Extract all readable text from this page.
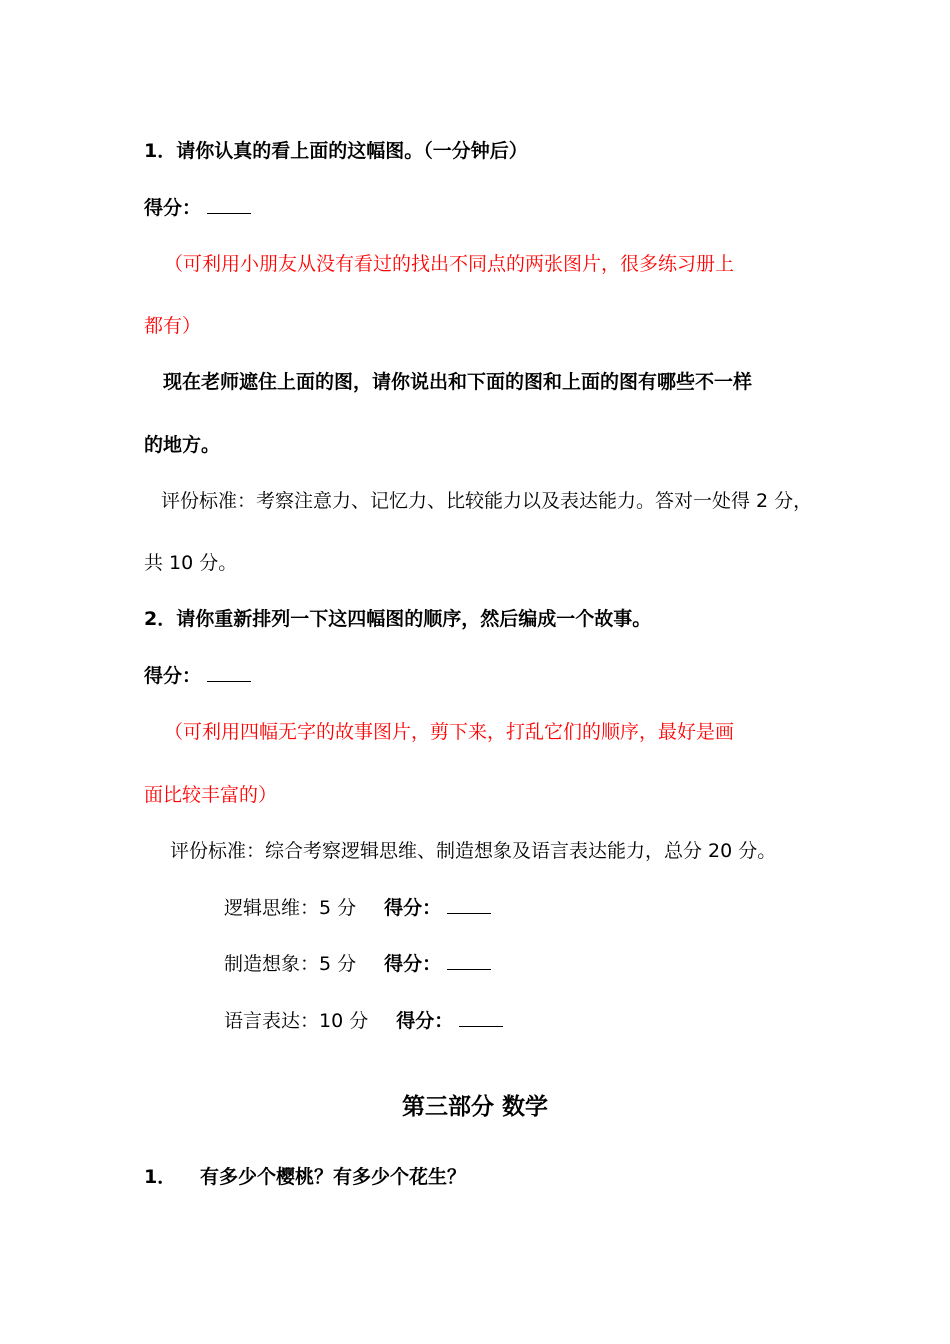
1．请你认真的看上面的这幅图。（一分钟后）
得分：
（可利用小朋友从没有看过的找出不同点的两张图片，很多练习册上
都有）
现在老师遮住上面的图，请你说出和下面的图和上面的图有哪些不一样
的地方。
评份标准：考察注意力、记忆力、比较能力以及表达能力。答对一处得 2 分，
共 10 分。
2．请你重新排列一下这四幅图的顺序，然后编成一个故事。
得分：
（可利用四幅无字的故事图片，剪下来，打乱它们的顺序，最好是画
面比较丰富的）
评份标准：综合考察逻辑思维、制造想象及语言表达能力，总分 20 分。
逻辑思维：5 分 得分：
制造想象：5 分 得分：
语言表达：10 分 得分：
第三部分 数学
1． 有多少个樱桃？有多少个花生？
